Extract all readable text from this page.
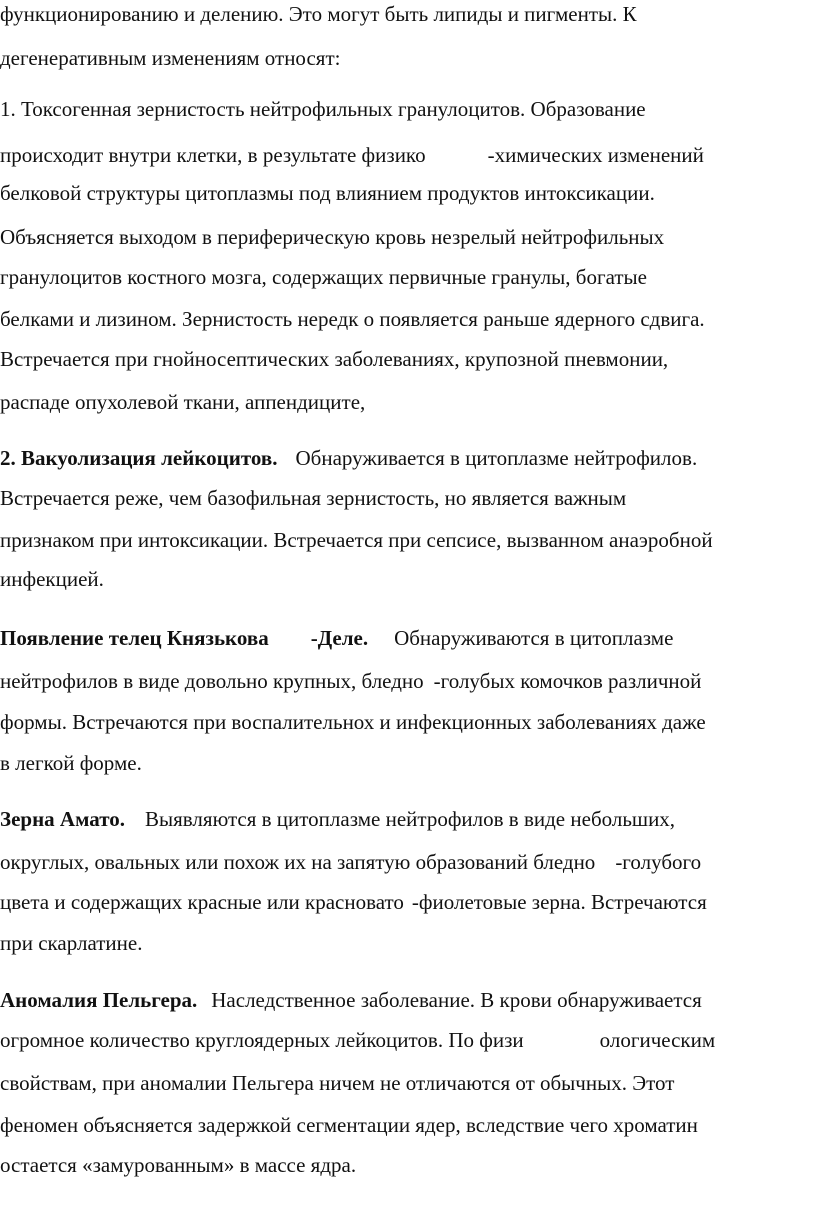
функционированию и делению. Это могут быть липиды и пигменты. К
дегенеративным изменениям относят:
1. Токсогенная зернистость нейтрофильных гранулоцитов. Образование
происходит внутри клетки, в результате физико	-химических изменений
белковой структуры цитоплазмы под влиянием продуктов интоксикации.
Объясняется выходом в периферическую кровь незрелый нейтрофильных
гранулоцитов костного мозга, содержащих первичные гранулы, богатые
белками и лизином. Зернистость нередк о появляется раньше ядерного сдвига.
Встречается при гнойносептических заболеваниях, крупозной пневмонии,
распаде опухолевой ткани, аппендиците,
2. Вакуолизация лейкоцитов. Обнаруживается в цитоплазме нейтрофилов.
Встречается реже, чем базофильная зернистость, но является важным
признаком при интоксикации. Встречается при сепсисе, вызванном анаэробной
инфекцией.
Появление телец Князькова -Деле. Обнаруживаются в цитоплазме
нейтрофилов в виде довольно крупных, бледно -голубых комочков различной
формы. Встречаются при воспалительнох и инфекционных заболеваниях даже
в легкой форме.
Зерна Амато. Выявляются в цитоплазме нейтрофилов в виде небольших,
округлых, овальных или похож их на запятую образований бледно -голубого
цвета и содержащих красные или красновато -фиолетовые зерна. Встречаются
при скарлатине.
Аномалия Пельгера. Наследственное заболевание. В крови обнаруживается
огромное количество круглоядерных лейкоцитов. По физи	ологическим
свойствам, при аномалии Пельгера ничем не отличаются от обычных. Этот
феномен объясняется задержкой сегментации ядер, вследствие чего хроматин
остается «замурованным» в массе ядра.
